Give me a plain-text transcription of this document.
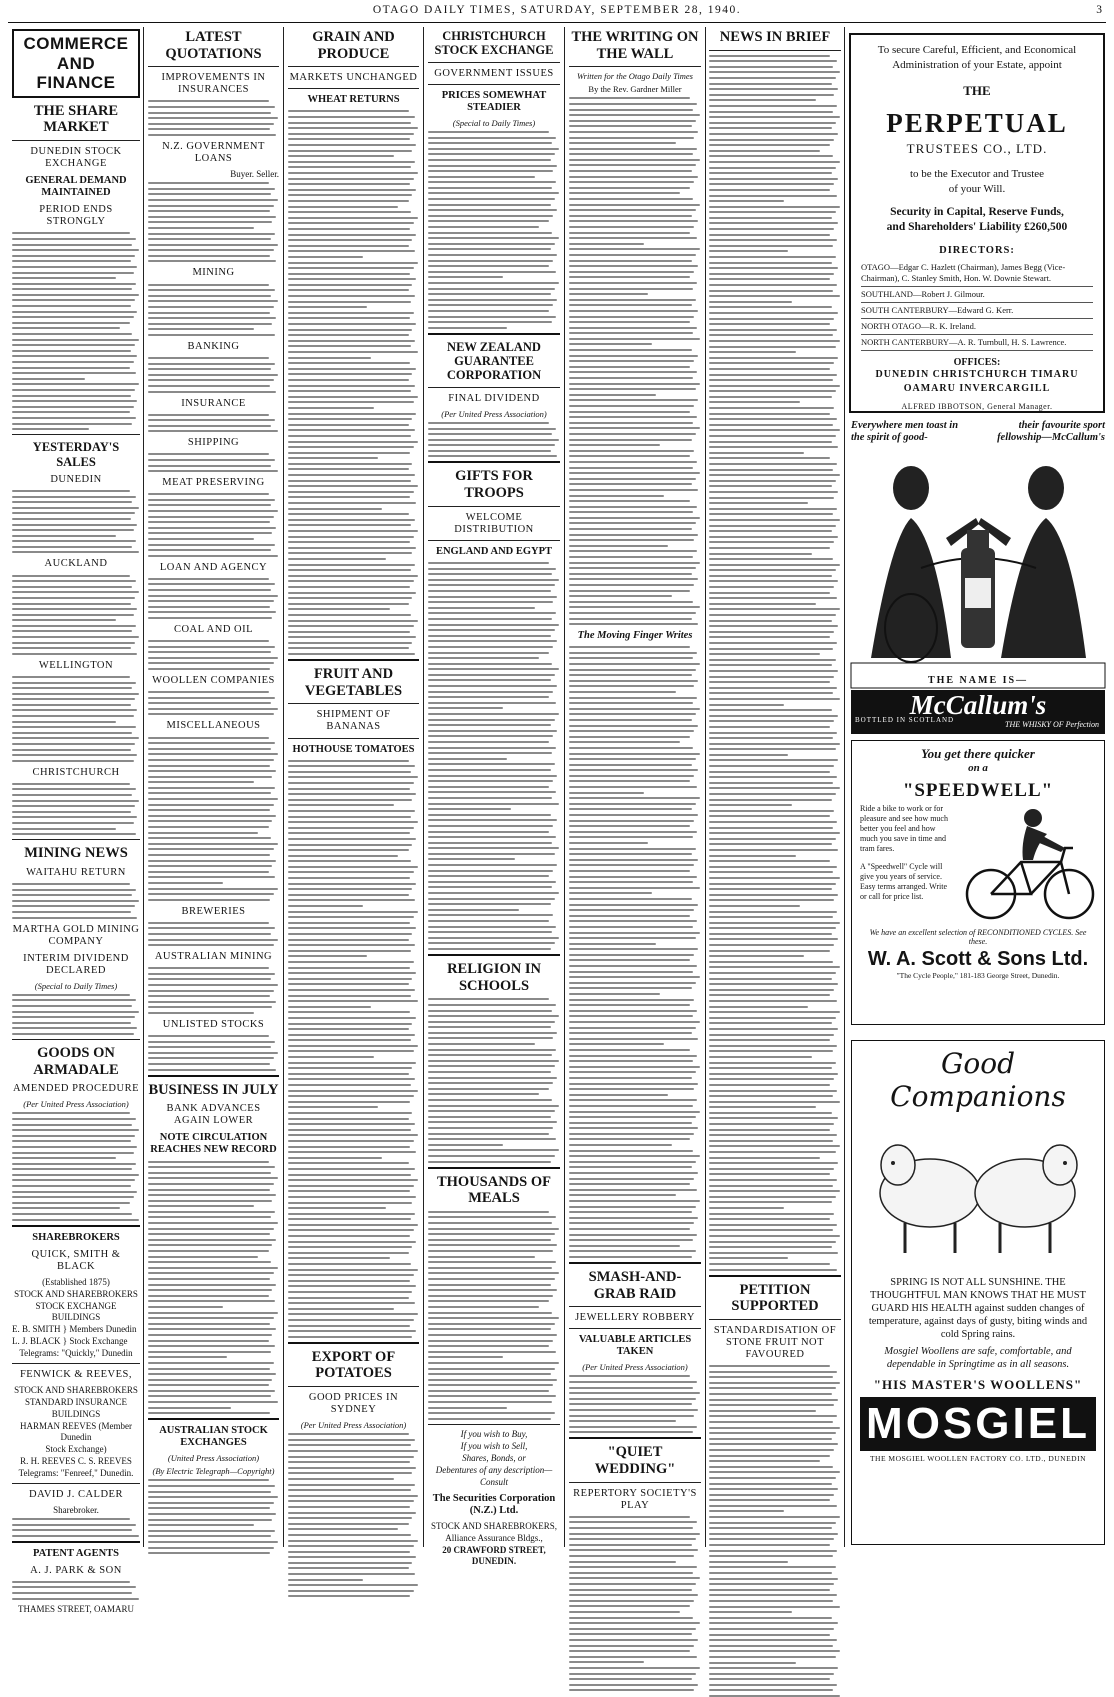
OTAGO DAILY TIMES, SATURDAY, SEPTEMBER 28, 1940.	3
COMMERCE AND FINANCE
THE SHARE MARKET
DUNEDIN STOCK EXCHANGE
GENERAL DEMAND MAINTAINED
PERIOD ENDS STRONGLY
YESTERDAY'S SALES
DUNEDIN
AUCKLAND
WELLINGTON
CHRISTCHURCH
MINING NEWS
WAITAHU RETURN
MARTHA GOLD MINING COMPANY
INTERIM DIVIDEND DECLARED
(Special to Daily Times)
GOODS ON ARMADALE
AMENDED PROCEDURE
(Per United Press Association)
SHAREBROKERS
QUICK, SMITH & BLACK
(Established 1875)
STOCK AND SHAREBROKERS
STOCK EXCHANGE BUILDINGS
E. B. SMITH } Members Dunedin
L. J. BLACK } Stock Exchange
Telegrams: "Quickly," Dunedin
FENWICK & REEVES,
STOCK AND SHAREBROKERS
STANDARD INSURANCE
BUILDINGS
HARMAN REEVES (Member Dunedin
Stock Exchange)
R. H. REEVES C. S. REEVES
Telegrams: "Fenreef," Dunedin.
DAVID J. CALDER
Sharebroker.
PATENT AGENTS
A. J. PARK & SON
THAMES STREET, OAMARU
LATEST QUOTATIONS
IMPROVEMENTS IN INSURANCES
N.Z. GOVERNMENT LOANS
Buyer. Seller.
MINING
BANKING
INSURANCE
SHIPPING
MEAT PRESERVING
LOAN AND AGENCY
COAL AND OIL
WOOLLEN COMPANIES
MISCELLANEOUS
BREWERIES
AUSTRALIAN MINING
UNLISTED STOCKS
BUSINESS IN JULY
BANK ADVANCES AGAIN LOWER
NOTE CIRCULATION REACHES NEW RECORD
AUSTRALIAN STOCK EXCHANGES
(United Press Association)
(By Electric Telegraph—Copyright)
GRAIN AND PRODUCE
MARKETS UNCHANGED
WHEAT RETURNS
FRUIT AND VEGETABLES
SHIPMENT OF BANANAS
HOTHOUSE TOMATOES
EXPORT OF POTATOES
GOOD PRICES IN SYDNEY
(Per United Press Association)
CHRISTCHURCH STOCK EXCHANGE
GOVERNMENT ISSUES
PRICES SOMEWHAT STEADIER
(Special to Daily Times)
NEW ZEALAND GUARANTEE CORPORATION
FINAL DIVIDEND
(Per United Press Association)
GIFTS FOR TROOPS
WELCOME DISTRIBUTION
ENGLAND AND EGYPT
RELIGION IN SCHOOLS
THOUSANDS OF MEALS
If you wish to Buy,
If you wish to Sell,
Shares, Bonds, or
Debentures of any description—
Consult
The Securities Corporation (N.Z.) Ltd.
STOCK AND SHAREBROKERS,
Alliance Assurance Bldgs.,
20 CRAWFORD STREET, DUNEDIN.
THE WRITING ON THE WALL
Written for the Otago Daily Times
By the Rev. Gardner Miller
The Moving Finger Writes
SMASH-AND-GRAB RAID
JEWELLERY ROBBERY
VALUABLE ARTICLES TAKEN
(Per United Press Association)
"QUIET WEDDING"
REPERTORY SOCIETY'S PLAY
NEWS IN BRIEF
PETITION SUPPORTED
STANDARDISATION OF STONE FRUIT NOT FAVOURED
To secure Careful, Efficient, and Economical
Administration of your Estate, appoint
THE
PERPETUAL
TRUSTEES CO., LTD.
to be the Executor and Trustee
of your Will.
Security in Capital, Reserve Funds,
and Shareholders' Liability £260,500
DIRECTORS:
OTAGO—Edgar C. Hazlett (Chairman), James Begg (Vice-Chairman), C. Stanley Smith, Hon. W. Downie Stewart.
SOUTHLAND—Robert J. Gilmour.
SOUTH CANTERBURY—Edward G. Kerr.
NORTH OTAGO—R. K. Ireland.
NORTH CANTERBURY—A. R. Turnbull, H. S. Lawrence.
OFFICES:
DUNEDIN CHRISTCHURCH TIMARU
OAMARU INVERCARGILL
ALFRED IBBOTSON, General Manager.
Everywhere men toast in the spirit of good-
their favourite sport fellowship—McCallum's
THE NAME IS—
McCallum's
THE WHISKY OF Perfection
BOTTLED IN SCOTLAND
You get there quicker
on a
"SPEEDWELL"
Ride a bike to work or for pleasure and see how much better you feel and how much you save in time and tram fares.
A "Speedwell" Cycle will give you years of service. Easy terms arranged. Write or call for price list.
We have an excellent selection of RECONDITIONED CYCLES. See these.
W. A. Scott & Sons Ltd.
"The Cycle People," 181-183 George Street, Dunedin.
Good Companions
SPRING IS NOT ALL SUNSHINE. THE THOUGHTFUL MAN KNOWS THAT HE MUST GUARD HIS HEALTH against sudden changes of temperature, against days of gusty, biting winds and cold Spring rains.
Mosgiel Woollens are safe, comfortable, and dependable in Springtime as in all seasons.
"HIS MASTER'S WOOLLENS"
MOSGIEL
THE MOSGIEL WOOLLEN FACTORY CO. LTD., DUNEDIN
